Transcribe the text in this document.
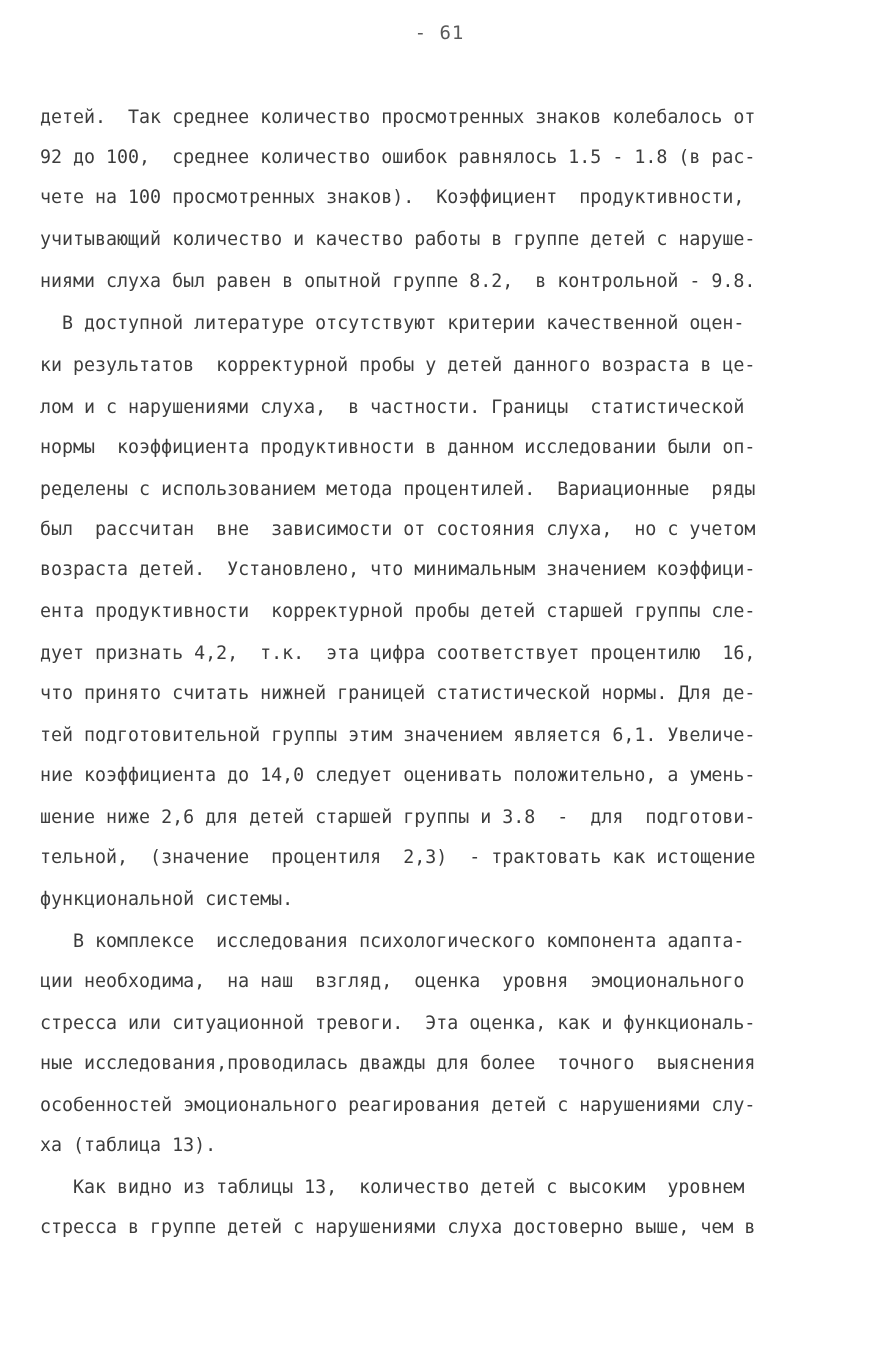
- 61
детей.  Так среднее количество просмотренных знаков колебалось от
92 до 100,  среднее количество ошибок равнялось 1.5 - 1.8 (в рас-
чете на 100 просмотренных знаков).  Коэффициент  продуктивности,
учитывающий количество и качество работы в группе детей с наруше-
ниями слуха был равен в опытной группе 8.2,  в контрольной - 9.8.
В доступной литературе отсутствуют критерии качественной оцен-
ки результатов  корректурной пробы у детей данного возраста в це-
лом и с нарушениями слуха,  в частности. Границы  статистической
нормы  коэффициента продуктивности в данном исследовании были оп-
ределены с использованием метода процентилей.  Вариационные  ряды
был  рассчитан  вне  зависимости от состояния слуха,  но с учетом
возраста детей.  Установлено, что минимальным значением коэффици-
ента продуктивности  корректурной пробы детей старшей группы сле-
дует признать 4,2,  т.к.  эта цифра соответствует процентилю  16,
что принято считать нижней границей статистической нормы. Для де-
тей подготовительной группы этим значением является 6,1. Увеличе-
ние коэффициента до 14,0 следует оценивать положительно, а умень-
шение ниже 2,6 для детей старшей группы и 3.8  -  для  подготови-
тельной,  (значение  процентиля  2,3)  - трактовать как истощение
функциональной системы.
В комплексе  исследования психологического компонента адапта-
ции необходима,  на наш  взгляд,  оценка  уровня  эмоционального
стресса или ситуационной тревоги.  Эта оценка, как и функциональ-
ные исследования,проводилась дважды для более  точного  выяснения
особенностей эмоционального реагирования детей с нарушениями слу-
ха (таблица 13).
Как видно из таблицы 13,  количество детей с высоким  уровнем
стресса в группе детей с нарушениями слуха достоверно выше, чем в
